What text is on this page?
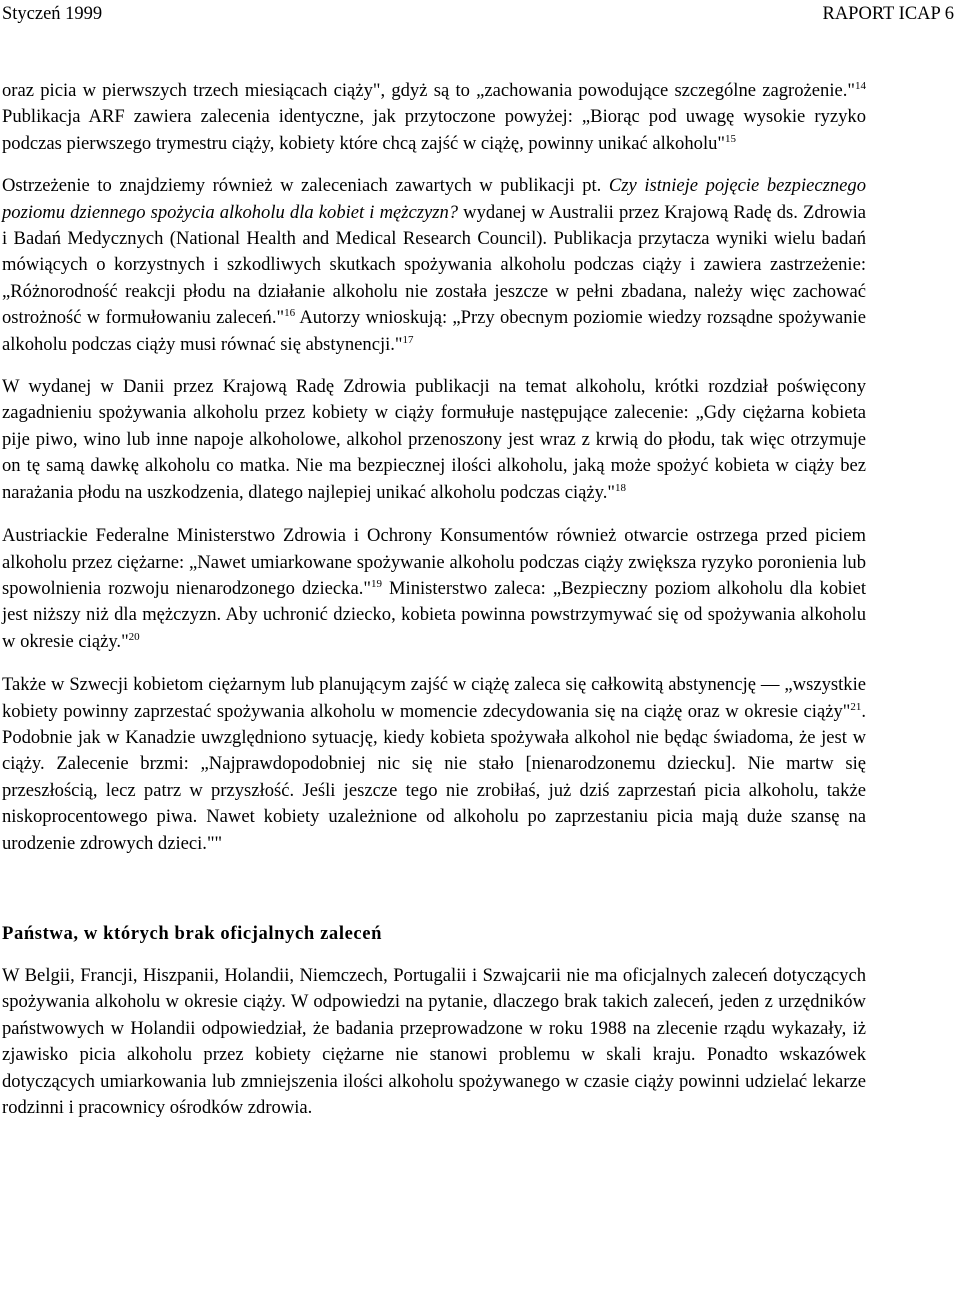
Styczeń 1999	RAPORT ICAP 6

oraz picia w pierwszych trzech miesiącach ciąży", gdyż są to „zachowania powodujące szczególne zagrożenie."$^{14}$ Publikacja ARF zawiera zalecenia identyczne, jak przytoczone powyżej: „Biorąc pod uwagę wysokie ryzyko podczas pierwszego trymestru ciąży, kobiety które chcą zajść w ciążę, powinny unikać alkoholu"$^{15}$

Ostrzeżenie to znajdziemy również w zaleceniach zawartych w publikacji pt. Czy istnieje pojęcie bezpiecznego poziomu dziennego spożycia alkoholu dla kobiet i mężczyzn? wydanej w Australii przez Krajową Radę ds. Zdrowia i Badań Medycznych (National Health and Medical Research Council). Publikacja przytacza wyniki wielu badań mówiących o korzystnych i szkodliwych skutkach spożywania alkoholu podczas ciąży i zawiera zastrzeżenie: „Różnorodność reakcji płodu na działanie alkoholu nie została jeszcze w pełni zbadana, należy więc zachować ostrożność w formułowaniu zaleceń."$^{16}$ Autorzy wnioskują: „Przy obecnym poziomie wiedzy rozsądne spożywanie alkoholu podczas ciąży musi równać się abstynencji."$^{17}$

W wydanej w Danii przez Krajową Radę Zdrowia publikacji na temat alkoholu, krótki rozdział poświęcony zagadnieniu spożywania alkoholu przez kobiety w ciąży formułuje następujące zalecenie: „Gdy ciężarna kobieta pije piwo, wino lub inne napoje alkoholowe, alkohol przenoszony jest wraz z krwią do płodu, tak więc otrzymuje on tę samą dawkę alkoholu co matka. Nie ma bezpiecznej ilości alkoholu, jaką może spożyć kobieta w ciąży bez narażania płodu na uszkodzenia, dlatego najlepiej unikać alkoholu podczas ciąży."$^{18}$

Austriackie Federalne Ministerstwo Zdrowia i Ochrony Konsumentów również otwarcie ostrzega przed piciem alkoholu przez ciężarne: „Nawet umiarkowane spożywanie alkoholu podczas ciąży zwiększa ryzyko poronienia lub spowolnienia rozwoju nienarodzonego dziecka."$^{19}$ Ministerstwo zaleca: „Bezpieczny poziom alkoholu dla kobiet jest niższy niż dla mężczyzn. Aby uchronić dziecko, kobieta powinna powstrzymywać się od spożywania alkoholu w okresie ciąży."$^{20}$

Także w Szwecji kobietom ciężarnym lub planującym zajść w ciążę zaleca się całkowitą abstynencję — „wszystkie kobiety powinny zaprzestać spożywania alkoholu w momencie zdecydowania się na ciążę oraz w okresie ciąży"$^{21}$. Podobnie jak w Kanadzie uwzględniono sytuację, kiedy kobieta spożywała alkohol nie będąc świadoma, że jest w ciąży. Zalecenie brzmi: „Najprawdopodobniej nic się nie stało [nienarodzonemu dziecku]. Nie martw się przeszłością, lecz patrz w przyszłość. Jeśli jeszcze tego nie zrobiłaś, już dziś zaprzestań picia alkoholu, także niskoprocentowego piwa. Nawet kobiety uzależnione od alkoholu po zaprzestaniu picia mają duże szansę na urodzenie zdrowych dzieci.""

Państwa, w których brak oficjalnych zaleceń

W Belgii, Francji, Hiszpanii, Holandii, Niemczech, Portugalii i Szwajcarii nie ma oficjalnych zaleceń dotyczących spożywania alkoholu w okresie ciąży. W odpowiedzi na pytanie, dlaczego brak takich zaleceń, jeden z urzędników państwowych w Holandii odpowiedział, że badania przeprowadzone w roku 1988 na zlecenie rządu wykazały, iż zjawisko picia alkoholu przez kobiety ciężarne nie stanowi problemu w skali kraju. Ponadto wskazówek dotyczących umiarkowania lub zmniejszenia ilości alkoholu spożywanego w czasie ciąży powinni udzielać lekarze rodzinni i pracownicy ośrodków zdrowia.
